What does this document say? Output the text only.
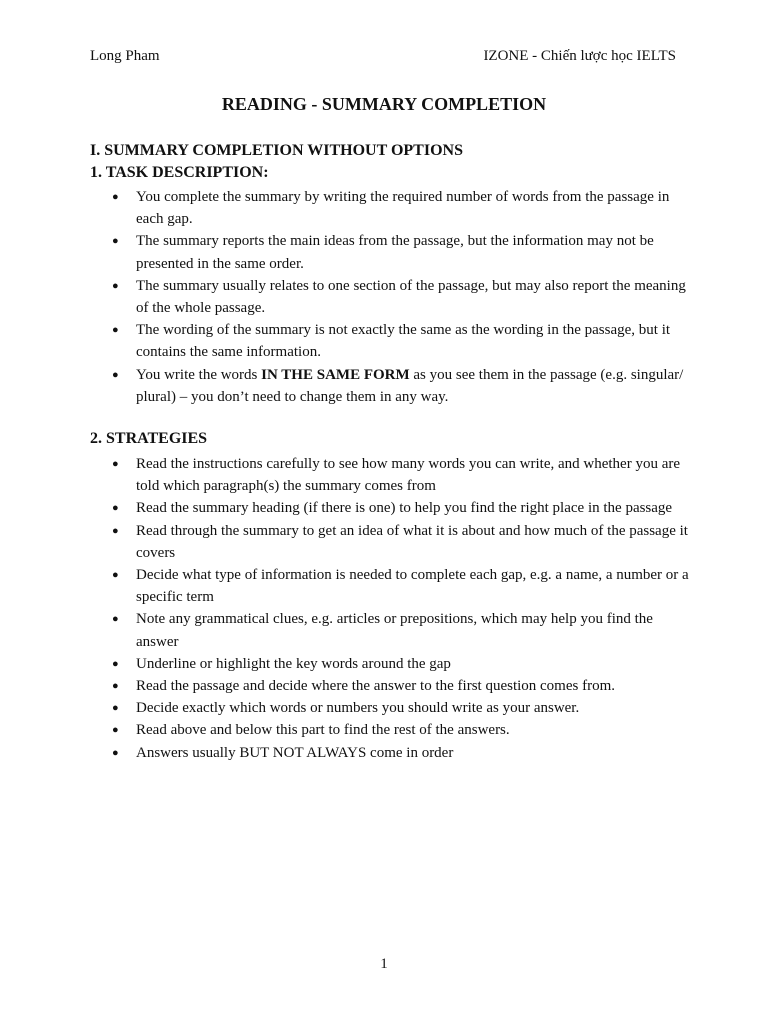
Long Pham	IZONE - Chiến lược học IELTS
READING - SUMMARY COMPLETION
I. SUMMARY COMPLETION WITHOUT OPTIONS
1. TASK DESCRIPTION:
● You complete the summary by writing the required number of words from the passage in each gap.
● The summary reports the main ideas from the passage, but the information may not be presented in the same order.
● The summary usually relates to one section of the passage, but may also report the meaning of the whole passage.
● The wording of the summary is not exactly the same as the wording in the passage, but it contains the same information.
● You write the words IN THE SAME FORM as you see them in the passage (e.g. singular/ plural) – you don’t need to change them in any way.
2. STRATEGIES
● Read the instructions carefully to see how many words you can write, and whether you are told which paragraph(s) the summary comes from
● Read the summary heading (if there is one) to help you find the right place in the passage
● Read through the summary to get an idea of what it is about and how much of the passage it covers
● Decide what type of information is needed to complete each gap, e.g. a name, a number or a specific term
● Note any grammatical clues, e.g. articles or prepositions, which may help you find the answer
● Underline or highlight the key words around the gap
● Read the passage and decide where the answer to the first question comes from.
● Decide exactly which words or numbers you should write as your answer.
● Read above and below this part to find the rest of the answers.
● Answers usually BUT NOT ALWAYS come in order
1
